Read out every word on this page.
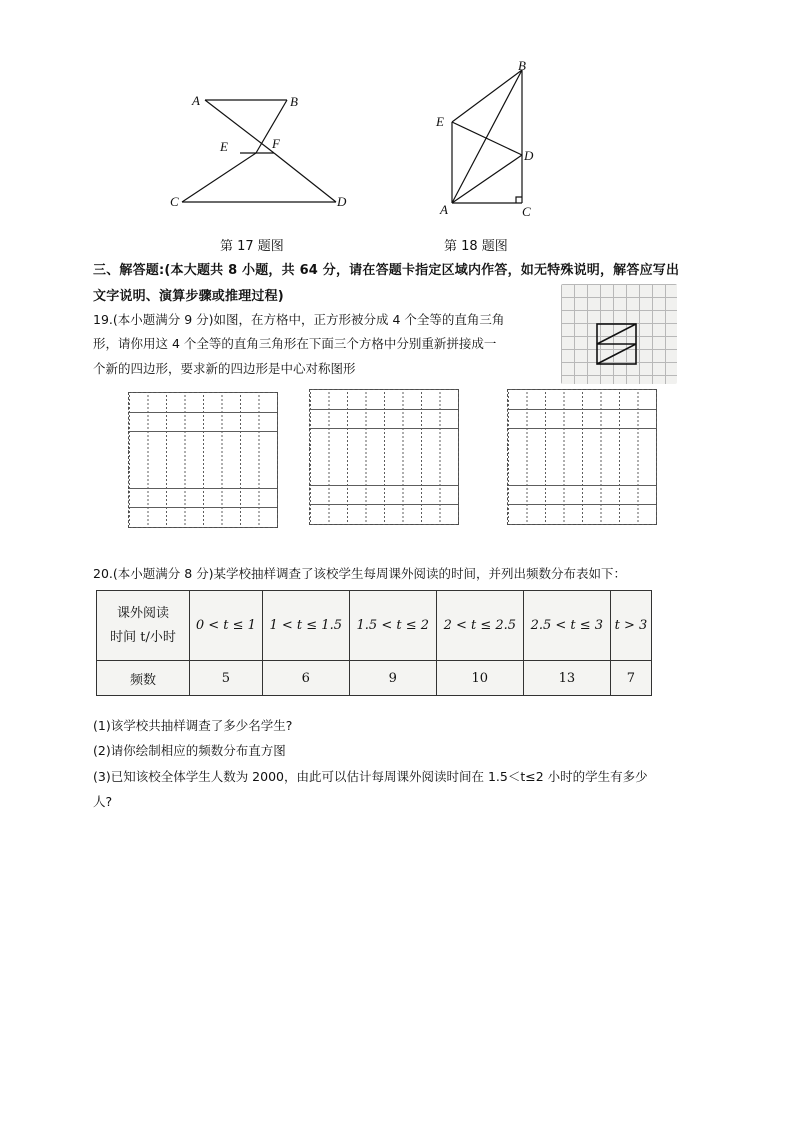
A	B
E	F
C	D
第 17 题图
B
E
D
A	C
第 18 题图
三、解答题:(本大题共 8 小题，共 64 分，请在答题卡指定区域内作答，如无特殊说明，解答应写出
文字说明、演算步骤或推理过程)
19.(本小题满分 9 分)如图，在方格中，正方形被分成 4 个全等的直角三角
形，请你用这 4 个全等的直角三角形在下面三个方格中分别重新拼接成一
个新的四边形，要求新的四边形是中心对称图形
20.(本小题满分 8 分)某学校抽样调查了该校学生每周课外阅读的时间，并列出频数分布表如下：
课外阅读
时间 t/小时	0 < t ≤ 1	1 < t ≤ 1.5	1.5 < t ≤ 2	2 < t ≤ 2.5	2.5 < t ≤ 3	t > 3
频数	5	6	9	10	13	7
(1)该学校共抽样调查了多少名学生?
(2)请你绘制相应的频数分布直方图
(3)已知该校全体学生人数为 2000，由此可以估计每周课外阅读时间在 1.5＜t≤2 小时的学生有多少
人?
